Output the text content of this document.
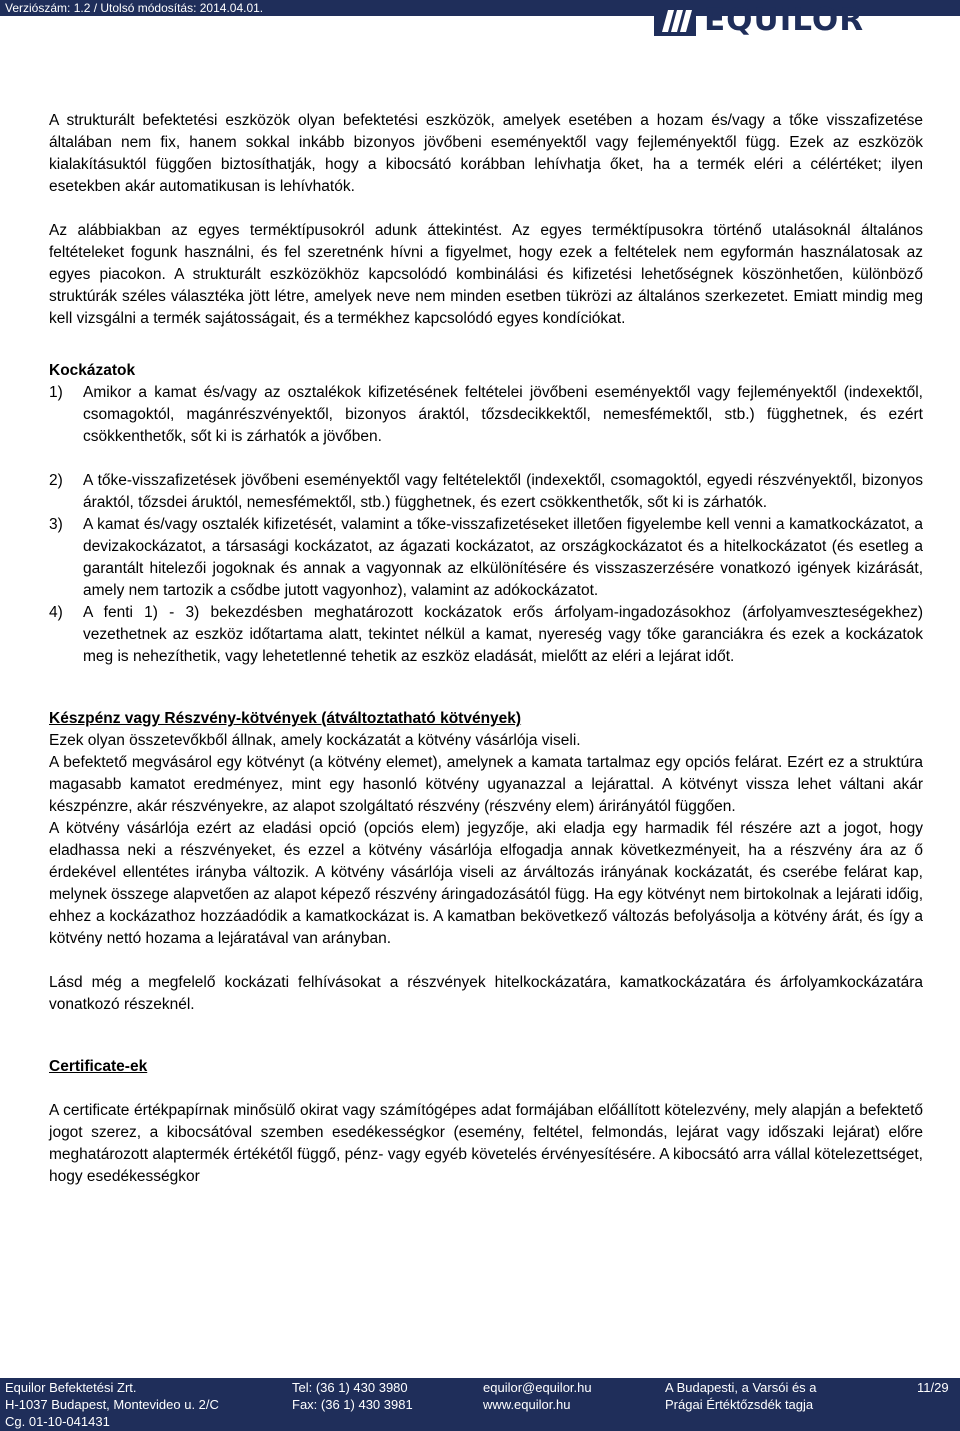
Verziószám: 1.2 / Utolsó módosítás: 2014.04.01.	EQUILOR

A strukturált befektetési eszközök olyan befektetési eszközök, amelyek esetében a hozam és/vagy a tőke visszafizetése általában nem fix, hanem sokkal inkább bizonyos jövőbeni eseményektől vagy fejleményektől függ. Ezek az eszközök kialakításuktól függően biztosíthatják, hogy a kibocsátó korábban lehívhatja őket, ha a termék eléri a célértéket; ilyen esetekben akár automatikusan is lehívhatók.

Az alábbiakban az egyes terméktípusokról adunk áttekintést. Az egyes terméktípusokra történő utalásoknál általános feltételeket fogunk használni, és fel szeretnénk hívni a figyelmet, hogy ezek a feltételek nem egyformán használatosak az egyes piacokon. A strukturált eszközökhöz kapcsolódó kombinálási és kifizetési lehetőségnek köszönhetően, különböző struktúrák széles választéka jött létre, amelyek neve nem minden esetben tükrözi az általános szerkezetet. Emiatt mindig meg kell vizsgálni a termék sajátosságait, és a termékhez kapcsolódó egyes kondíciókat.

Kockázatok

1)	Amikor a kamat és/vagy az osztalékok kifizetésének feltételei jövőbeni eseményektől vagy fejleményektől (indexektől, csomagoktól, magánrészvényektől, bizonyos áraktól, tőzsdecikkektől, nemesfémektől, stb.) függhetnek, és ezért csökkenthetők, sőt ki is zárhatók a jövőben.
2)	A tőke-visszafizetések jövőbeni eseményektől vagy feltételektől (indexektől, csomagoktól, egyedi részvényektől, bizonyos áraktól, tőzsdei áruktól, nemesfémektől, stb.) függhetnek, és ezert csökkenthetők, sőt ki is zárhatók.
3)	A kamat és/vagy osztalék kifizetését, valamint a tőke-visszafizetéseket illetően figyelembe kell venni a kamatkockázatot, a devizakockázatot, a társasági kockázatot, az ágazati kockázatot, az országkockázatot és a hitelkockázatot (és esetleg a garantált hitelezői jogoknak és annak a vagyonnak az elkülönítésére és visszaszerzésére vonatkozó igények kizárását, amely nem tartozik a csődbe jutott vagyonhoz), valamint az adókockázatot.
4)	A fenti 1) - 3) bekezdésben meghatározott kockázatok erős árfolyam-ingadozásokhoz (árfolyamveszteségekhez) vezethetnek az eszköz időtartama alatt, tekintet nélkül a kamat, nyereség vagy tőke garanciákra és ezek a kockázatok meg is nehezíthetik, vagy lehetetlenné tehetik az eszköz eladását, mielőtt az eléri a lejárat időt.

Készpénz vagy Részvény-kötvények (átváltoztatható kötvények)

Ezek olyan összetevőkből állnak, amely kockázatát a kötvény vásárlója viseli.

A befektető megvásárol egy kötvényt (a kötvény elemet), amelynek a kamata tartalmaz egy opciós felárat. Ezért ez a struktúra magasabb kamatot eredményez, mint egy hasonló kötvény ugyanazzal a lejárattal. A kötvényt vissza lehet váltani akár készpénzre, akár részvényekre, az alapot szolgáltató részvény (részvény elem) árirányától függően.

A kötvény vásárlója ezért az eladási opció (opciós elem) jegyzője, aki eladja egy harmadik fél részére azt a jogot, hogy eladhassa neki a részvényeket, és ezzel a kötvény vásárlója elfogadja annak következményeit, ha a részvény ára az ő érdekével ellentétes irányba változik. A kötvény vásárlója viseli az árváltozás irányának kockázatát, és cserébe felárat kap, melynek összege alapvetően az alapot képező részvény áringadozásától függ. Ha egy kötvényt nem birtokolnak a lejárati időig, ehhez a kockázathoz hozzáadódik a kamatkockázat is. A kamatban bekövetkező változás befolyásolja a kötvény árát, és így a kötvény nettó hozama a lejáratával van arányban.

Lásd még a megfelelő kockázati felhívásokat a részvények hitelkockázatára, kamatkockázatára és árfolyamkockázatára vonatkozó részeknél.

Certificate-ek

A certificate értékpapírnak minősülő okirat vagy számítógépes adat formájában előállított kötelezvény, mely alapján a befektető jogot szerez, a kibocsátóval szemben esedékességkor (esemény, feltétel, felmondás, lejárat vagy időszaki lejárat) előre meghatározott alaptermék értékétől függő, pénz- vagy egyéb követelés érvényesítésére. A kibocsátó arra vállal kötelezettséget, hogy esedékességkor

Equilor Befektetési Zrt.
H-1037 Budapest, Montevideo u. 2/C
Cg. 01-10-041431
Tel: (36 1) 430 3980
Fax: (36 1) 430 3981
equilor@equilor.hu
www.equilor.hu
A Budapesti, a Varsói és a
Prágai Értéktőzsdék tagja
11/29
